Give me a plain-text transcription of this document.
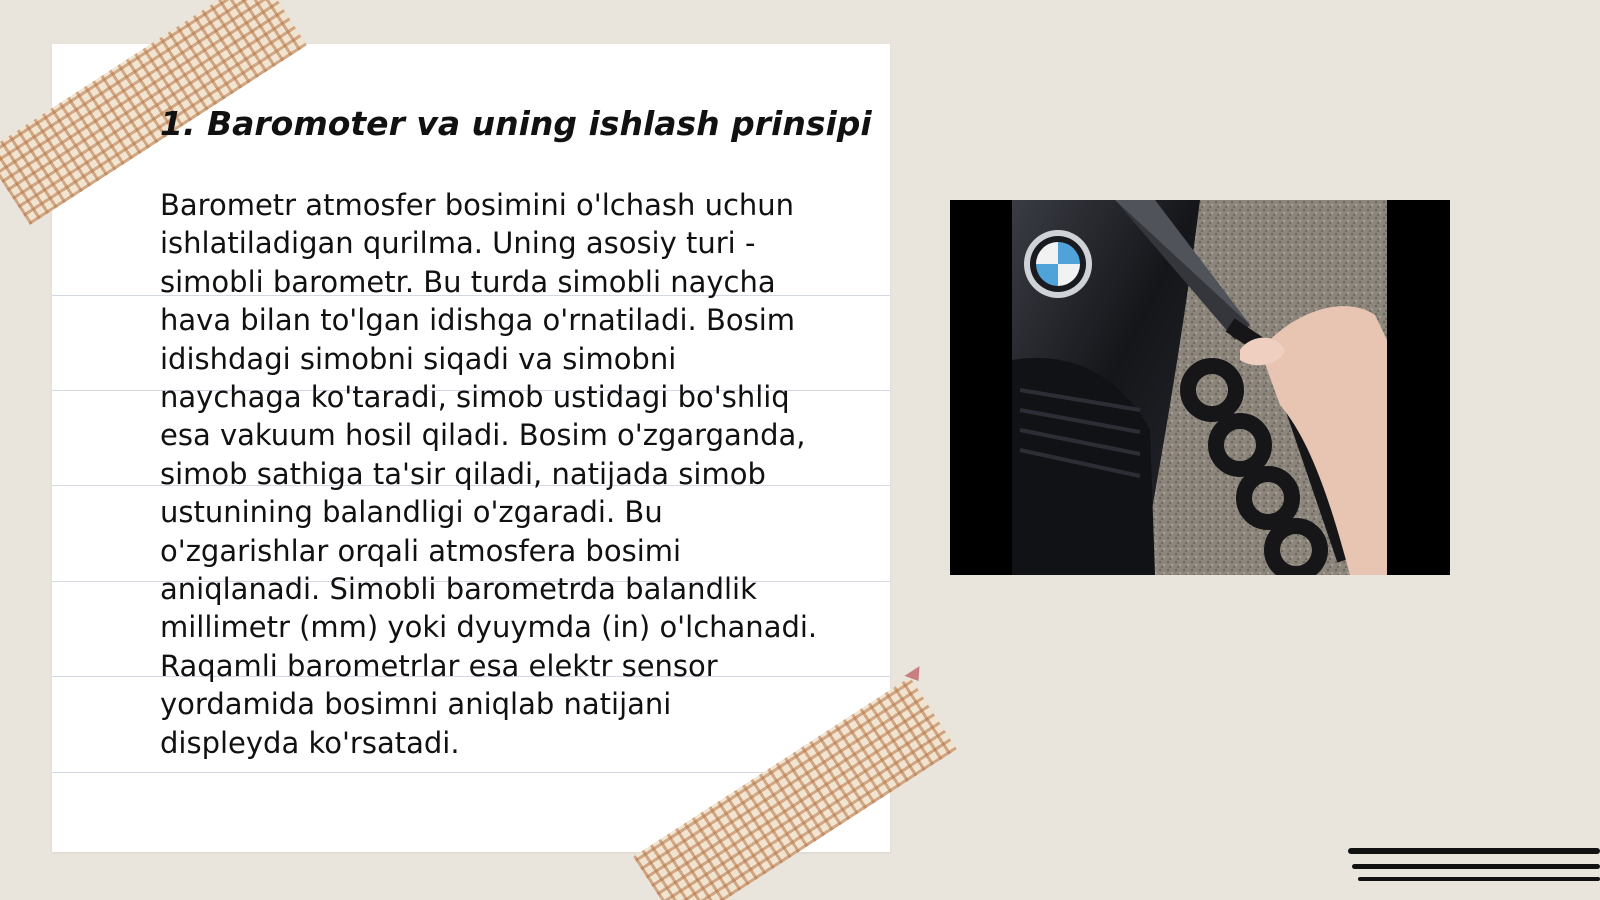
1. Baromoter va uning ishlash prinsipi

Barometr atmosfer bosimini o'lchash uchun
ishlatiladigan qurilma. Uning asosiy turi -
simobli barometr. Bu turda simobli naycha
hava bilan to'lgan idishga o'rnatiladi. Bosim
idishdagi simobni siqadi va simobni
naychaga ko'taradi, simob ustidagi bo'shliq
esa vakuum hosil qiladi. Bosim o'zgarganda,
simob sathiga ta'sir qiladi, natijada simob
ustunining balandligi o'zgaradi. Bu
o'zgarishlar orqali atmosfera bosimi
aniqlanadi. Simobli barometrda balandlik
millimetr (mm) yoki dyuymda (in) o'lchanadi.
Raqamli barometrlar esa elektr sensor
yordamida bosimni aniqlab natijani
displeyda ko'rsatadi.
